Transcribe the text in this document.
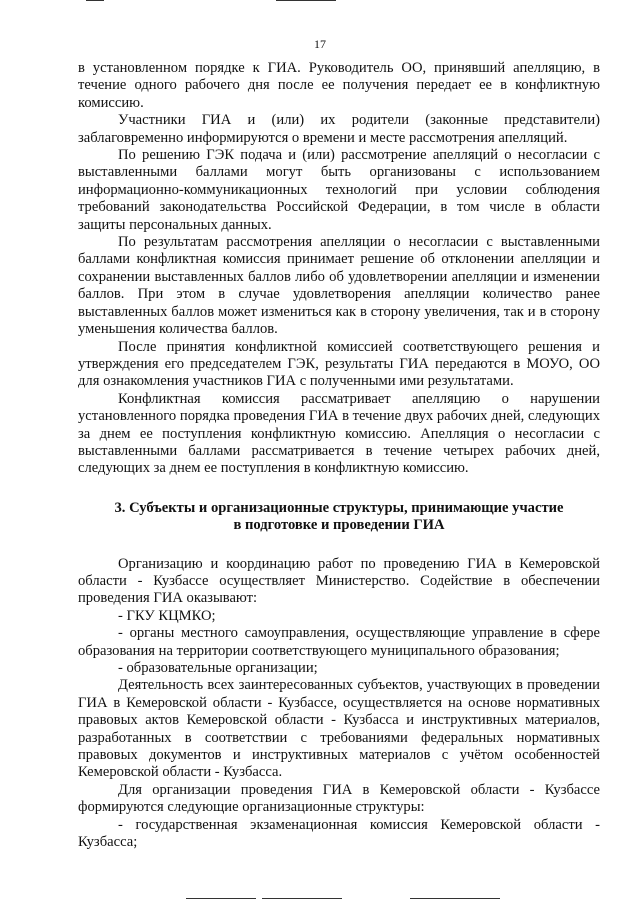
17

в установленном порядке к ГИА. Руководитель ОО, принявший апелляцию, в течение одного рабочего дня после ее получения передает ее в конфликтную комиссию.

Участники ГИА и (или) их родители (законные представители) заблаговременно информируются о времени и месте рассмотрения апелляций.

По решению ГЭК подача и (или) рассмотрение апелляций о несогласии с выставленными баллами могут быть организованы с использованием информационно-коммуникационных технологий при условии соблюдения требований законодательства Российской Федерации, в том числе в области защиты персональных данных.

По результатам рассмотрения апелляции о несогласии с выставленными баллами конфликтная комиссия принимает решение об отклонении апелляции и сохранении выставленных баллов либо об удовлетворении апелляции и изменении баллов. При этом в случае удовлетворения апелляции количество ранее выставленных баллов может измениться как в сторону увеличения, так и в сторону уменьшения количества баллов.

После принятия конфликтной комиссией соответствующего решения и утверждения его председателем ГЭК, результаты ГИА передаются в МОУО, ОО для ознакомления участников ГИА с полученными ими результатами.

Конфликтная комиссия рассматривает апелляцию о нарушении установленного порядка проведения ГИА в течение двух рабочих дней, следующих за днем ее поступления конфликтную комиссию. Апелляция о несогласии с выставленными баллами рассматривается в течение четырех рабочих дней, следующих за днем ее поступления в конфликтную комиссию.

3. Субъекты и организационные структуры, принимающие участие
в подготовке и проведении ГИА

Организацию и координацию работ по проведению ГИА в Кемеровской области - Кузбассе осуществляет Министерство. Содействие в обеспечении проведения ГИА оказывают:

- ГКУ КЦМКО;

- органы местного самоуправления, осуществляющие управление в сфере образования на территории соответствующего муниципального образования;

- образовательные организации;

Деятельность всех заинтересованных субъектов, участвующих в проведении ГИА в Кемеровской области - Кузбассе, осуществляется на основе нормативных правовых актов Кемеровской области - Кузбасса и инструктивных материалов, разработанных в соответствии с требованиями федеральных нормативных правовых документов и инструктивных материалов с учётом особенностей Кемеровской области - Кузбасса.

Для организации проведения ГИА в Кемеровской области - Кузбассе формируются следующие организационные структуры:

- государственная экзаменационная комиссия Кемеровской области - Кузбасса;
